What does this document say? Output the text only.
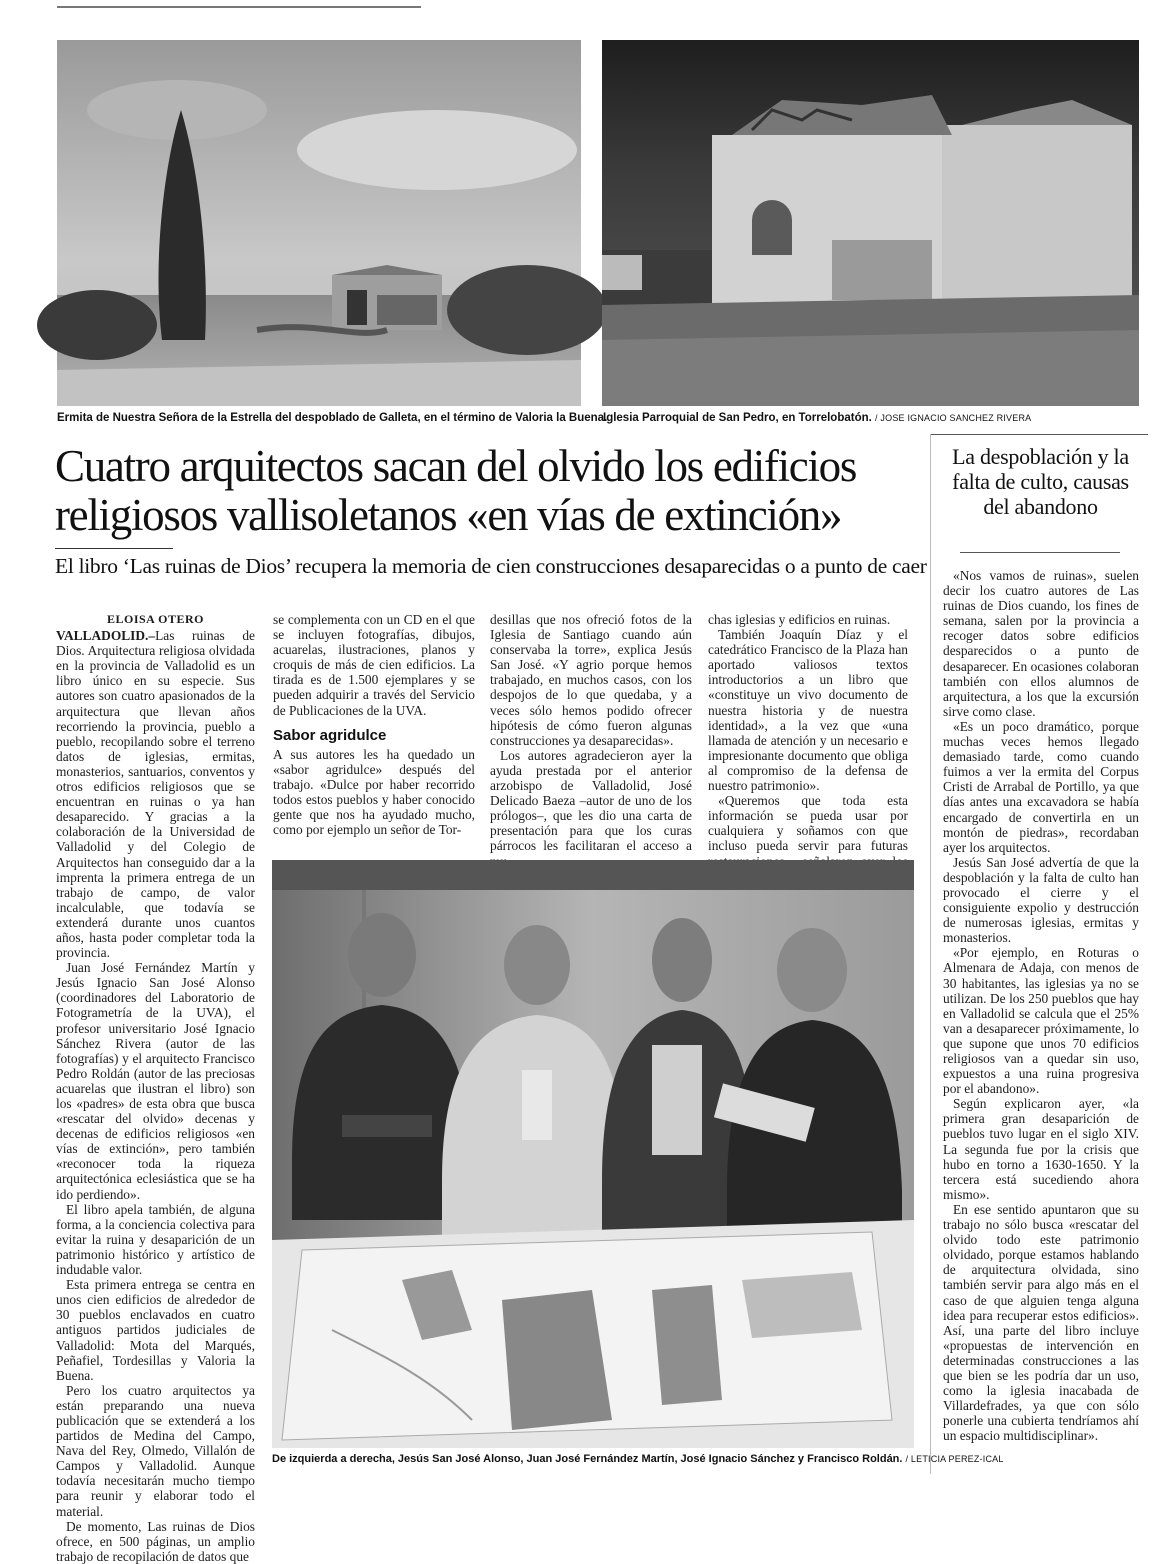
Ermita de Nuestra Señora de la Estrella del despoblado de Galleta, en el término de Valoria la Buena.
Iglesia Parroquial de San Pedro, en Torrelobatón. / JOSE IGNACIO SANCHEZ RIVERA
Cuatro arquitectos sacan del olvido los edificios religiosos vallisoletanos «en vías de extinción»
El libro ‘Las ruinas de Dios’ recupera la memoria de cien construcciones desaparecidas o a punto de caer
La despoblación y la falta de culto, causas del abandono
ELOISA OTERO

VALLADOLID.–Las ruinas de Dios. Arquitectura religiosa olvidada en la provincia de Valladolid es un libro único en su especie. Sus autores son cuatro apasionados de la arquitectura que llevan años recorriendo la provincia, pueblo a pueblo, recopilando sobre el terreno datos de iglesias, ermitas, monasterios, santuarios, conventos y otros edificios religiosos que se encuentran en ruinas o ya han desaparecido. Y gracias a la colaboración de la Universidad de Valladolid y del Colegio de Arquitectos han conseguido dar a la imprenta la primera entrega de un trabajo de campo, de valor incalculable, que todavía se extenderá durante unos cuantos años, hasta poder completar toda la provincia.

Juan José Fernández Martín y Jesús Ignacio San José Alonso (coordinadores del Laboratorio de Fotogrametría de la UVA), el profesor universitario José Ignacio Sánchez Rivera (autor de las fotografías) y el arquitecto Francisco Pedro Roldán (autor de las preciosas acuarelas que ilustran el libro) son los «padres» de esta obra que busca «rescatar del olvido» decenas y decenas de edificios religiosos «en vías de extinción», pero también «reconocer toda la riqueza arquitectónica eclesiástica que se ha ido perdiendo».

El libro apela también, de alguna forma, a la conciencia colectiva para evitar la ruina y desaparición de un patrimonio histórico y artístico de indudable valor.

Esta primera entrega se centra en unos cien edificios de alrededor de 30 pueblos enclavados en cuatro antiguos partidos judiciales de Valladolid: Mota del Marqués, Peñafiel, Tordesillas y Valoria la Buena.

Pero los cuatro arquitectos ya están preparando una nueva publicación que se extenderá a los partidos de Medina del Campo, Nava del Rey, Olmedo, Villalón de Campos y Valladolid. Aunque todavía necesitarán mucho tiempo para reunir y elaborar todo el material.

De momento, Las ruinas de Dios ofrece, en 500 páginas, un amplio trabajo de recopilación de datos que

se complementa con un CD en el que se incluyen fotografías, dibujos, acuarelas, ilustraciones, planos y croquis de más de cien edificios. La tirada es de 1.500 ejemplares y se pueden adquirir a través del Servicio de Publicaciones de la UVA.

Sabor agridulce

A sus autores les ha quedado un «sabor agridulce» después del trabajo. «Dulce por haber recorrido todos estos pueblos y haber conocido gente que nos ha ayudado mucho, como por ejemplo un señor de Tor-

desillas que nos ofreció fotos de la Iglesia de Santiago cuando aún conservaba la torre», explica Jesús San José. «Y agrio porque hemos trabajado, en muchos casos, con los despojos de lo que quedaba, y a veces sólo hemos podido ofrecer hipótesis de cómo fueron algunas construcciones ya desaparecidas».

Los autores agradecieron ayer la ayuda prestada por el anterior arzobispo de Valladolid, José Delicado Baeza –autor de uno de los prólogos–, que les dio una carta de presentación para que los curas párrocos les facilitaran el acceso a

chas iglesias y edificios en ruinas.

También Joaquín Díaz y el catedrático Francisco de la Plaza han aportado valiosos textos introductorios a un libro que «constituye un vivo documento de nuestra historia y de nuestra identidad», a la vez que «una llamada de atención y un necesario e impresionante documento que obliga al compromiso de la defensa de nuestro patrimonio».

«Queremos que toda esta información se pueda usar por cualquiera y soñamos con que incluso pueda servir para futuras

«Nos vamos de ruinas», suelen decir los cuatro autores de Las ruinas de Dios cuando, los fines de semana, salen por la provincia a recoger datos sobre edificios desparecidos o a punto de desaparecer. En ocasiones colaboran también con ellos alumnos de arquitectura, a los que la excursión sirve como clase.

«Es un poco dramático, porque muchas veces hemos llegado demasiado tarde, como cuando fuimos a ver la ermita del Corpus Cristi de Arrabal de Portillo, ya que días antes una excavadora se había encargado de convertirla en un montón de piedras», recordaban ayer los arquitectos.

Jesús San José advertía de que la despoblación y la falta de culto han provocado el cierre y el consiguiente expolio y destrucción de numerosas iglesias, ermitas y monasterios.

«Por ejemplo, en Roturas o Almenara de Adaja, con menos de 30 habitantes, las iglesias ya no se utilizan. De los 250 pueblos que hay en Valladolid se calcula que el 25% van a desaparecer próximamente, lo que supone que unos 70 edificios religiosos van a quedar sin uso, expuestos a una ruina progresiva por el abandono».

Según explicaron ayer, «la primera gran desaparición de pueblos tuvo lugar en el siglo XIV. La segunda fue por la crisis que hubo en torno a 1630-1650. Y la tercera está sucediendo ahora mismo».

En ese sentido apuntaron que su trabajo no sólo busca «rescatar del olvido todo este patrimonio olvidado, porque estamos hablando de arquitectura olvidada, sino también servir para algo más en el caso de que alguien tenga alguna idea para recuperar estos edificios». Así, una parte del libro incluye «propuestas de intervención en determinadas construcciones a las que bien se les podría dar un uso, como la iglesia inacabada de Villardefrades, ya que con sólo ponerle una cubierta tendríamos ahí un espacio multidisciplinar».

De izquierda a derecha, Jesús San José Alonso, Juan José Fernández Martín, José Ignacio Sánchez y Francisco Roldán. / LETICIA PEREZ-ICAL
